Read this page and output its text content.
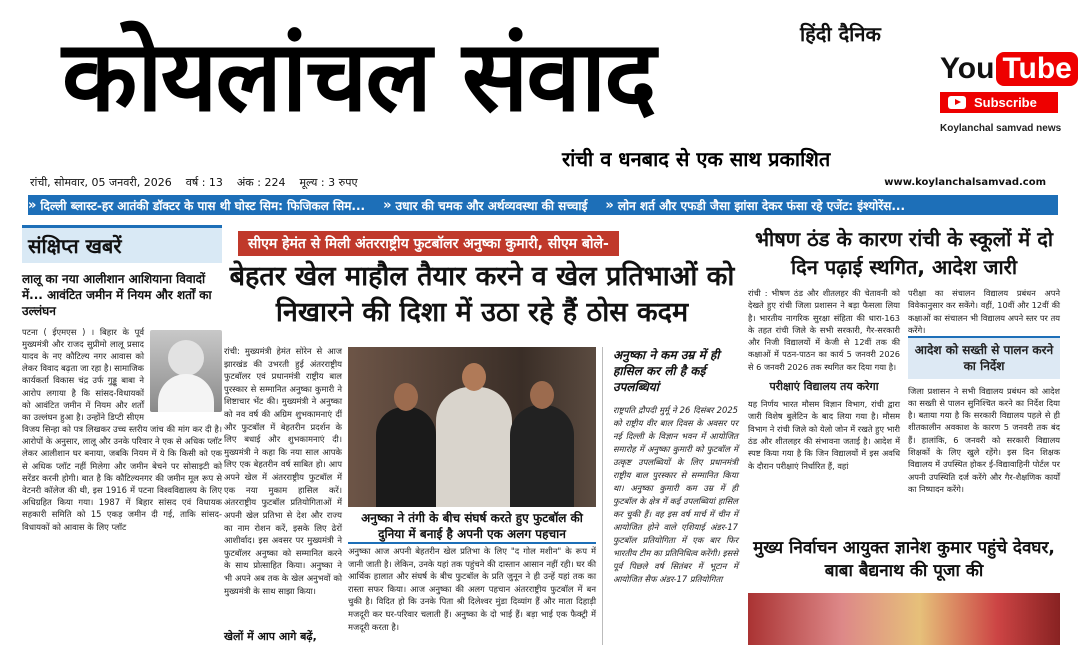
हिंदी दैनिक
कोयलांचल संवाद
रांची व धनबाद से एक साथ प्रकाशित
You Tube
Subscribe
Koylanchal samvad news
रांची, सोमवार, 05 जनवरी, 2026 वर्ष : 13 अंक : 224 मूल्य : 3 रुपए	www.koylanchalsamvad.com
» दिल्ली ब्लास्ट-हर आतंकी डॉक्टर के पास थी घोस्ट सिम: फिजिकल सिम... » उधार की चमक और अर्थव्यवस्था की सच्चाई » लोन शर्त और एफडी जैसा झांसा देकर फंसा रहे एजेंट: इंश्योरेंस...
संक्षिप्त खबरें
लालू का नया आलीशान आशियाना विवादों में... आवंटित जमीन में नियम और शर्तों का उल्लंघन
पटना ( ईएमएस ) । बिहार के पूर्व मुख्यमंत्री और राजद सुप्रीमो लालू प्रसाद यादव के नए कौटिल्य नगर आवास को लेकर विवाद बढ़ता जा रहा है। सामाजिक कार्यकर्ता विकास चंद्र उर्फ गुड्डू बाबा ने आरोप लगाया है कि सांसद-विधायकों को आवंटित जमीन में नियम और शर्तों का उल्लंघन हुआ है। उन्होंने डिप्टी सीएम विजय सिन्हा को पत्र लिखकर उच्च स्तरीय जांच की मांग कर दी है। आरोपों के अनुसार, लालू और उनके परिवार ने एक से अधिक प्लॉट लेकर आलीशान घर बनाया, जबकि नियम में ये कि किसी को एक से अधिक प्लॉट नहीं मिलेगा और जमीन बेचने पर सोसाइटी को सरेंडर करनी होगी। बात है कि कौटिल्यनगर की जमीन मूल रूप से वेटनरी कॉलेज की थी, इस 1916 में पटना विश्वविद्यालय के लिए अधिग्रहित किया गया। 1987 में बिहार सांसद एवं विधायक सहकारी समिति को 15 एकड़ जमीन दी गई, ताकि सांसद-विधायकों को आवास के लिए प्लॉट
सीएम हेमंत से मिली अंतरराष्ट्रीय फुटबॉलर अनुष्का कुमारी, सीएम बोले-
बेहतर खेल माहौल तैयार करने व खेल प्रतिभाओं को निखारने की दिशा में उठा रहे हैं ठोस कदम
रांची: मुख्यमंत्री हेमंत सोरेन से आज झारखंड की उभरती हुई अंतरराष्ट्रीय फुटबॉलर एवं प्रधानमंत्री राष्ट्रीय बाल पुरस्कार से सम्मानित अनुष्का कुमारी ने शिष्टाचार भेंट की। मुख्यमंत्री ने अनुष्का को नव वर्ष की अग्रिम शुभकामनाएं दीं और फुटबॉल में बेहतरीन प्रदर्शन के लिए बधाई और शुभकामनाएं दी। मुख्यमंत्री ने कहा कि नया साल आपके लिए एक बेहतरीन वर्ष साबित हो। आप अपने खेल में अंतरराष्ट्रीय फुटबॉल में एक नया मुकाम हासिल करें। अंतरराष्ट्रीय फुटबॉल प्रतियोगिताओं में अपनी खेल प्रतिभा से देश और राज्य का नाम रोशन करें, इसके लिए ढेरों आशीर्वाद। इस अवसर पर मुख्यमंत्री ने फुटबॉलर अनुष्का को सम्मानित करने के साथ प्रोत्साहित किया। अनुष्का ने भी अपने अब तक के खेल अनुभवों को मुख्यमंत्री के साथ साझा किया।
खेलों में आप आगे बढ़ें,
अनुष्का ने तंगी के बीच संघर्ष करते हुए फुटबॉल की दुनिया में बनाई है अपनी एक अलग पहचान
अनुष्का आज अपनी बेहतरीन खेल प्रतिभा के लिए "द गोल मशीन" के रूप में जानी जाती है। लेकिन, उनके यहां तक पहुंचने की दास्तान आसान नहीं रही। घर की आर्थिक हालात और संघर्ष के बीच फुटबॉल के प्रति जुनून ने ही उन्हें यहां तक का रास्ता सफर किया। आज अनुष्का की अलग पहचान अंतरराष्ट्रीय फुटबॉल में बन चुकी है। विदित हो कि उनके पिता श्री दिलेश्वर मुंडा दिव्यांग हैं और माता दिहाड़ी मजदूरी कर घर-परिवार चलाती हैं। अनुष्का के दो भाई हैं। बड़ा भाई एक फैक्ट्री में मजदूरी करता है।
अनुष्का ने कम उम्र में ही हासिल कर ली है कई उपलब्धियां
राष्ट्रपति द्रौपदी मुर्मू ने 26 दिसंबर 2025 को राष्ट्रीय वीर बाल दिवस के अवसर पर नई दिल्ली के विज्ञान भवन में आयोजित समारोह में अनुष्का कुमारी को फुटबॉल में उत्कृष्ट उपलब्धियों के लिए प्रधानमंत्री राष्ट्रीय बाल पुरस्कार से सम्मानित किया था। अनुष्का कुमारी कम उम्र में ही फुटबॉल के क्षेत्र में कई उपलब्धियां हासिल कर चुकी हैं। वह इस वर्ष मार्च में चीन में आयोजित होने वाले एशियाई अंडर-17 फुटबॉल प्रतियोगिता में एक बार फिर भारतीय टीम का प्रतिनिधित्व करेंगी। इससे पूर्व पिछले वर्ष सितंबर में भूटान में आयोजित सैफ अंडर-17 प्रतियोगिता
भीषण ठंड के कारण रांची के स्कूलों में दो दिन पढ़ाई स्थगित, आदेश जारी
रांची : भीषण ठंड और शीतलहर की चेतावनी को देखते हुए रांची जिला प्रशासन ने बड़ा फैसला लिया है। भारतीय नागरिक सुरक्षा संहिता की धारा-163 के तहत रांची जिले के सभी सरकारी, गैर-सरकारी और निजी विद्यालयों में केजी से 12वीं तक की कक्षाओं में पठन-पाठन का कार्य 5 जनवरी 2026 से 6 जनवरी 2026 तक स्थगित कर दिया गया है।
परीक्षाएं विद्यालय तय करेगा
यह निर्णय भारत मौसम विज्ञान विभाग, रांची द्वारा जारी विशेष बुलेटिन के बाद लिया गया है। मौसम विभाग ने रांची जिले को येलो जोन में रखते हुए भारी ठंड और शीतलहर की संभावना जताई है। आदेश में स्पष्ट किया गया है कि जिन विद्यालयों में इस अवधि के दौरान परीक्षाएं निर्धारित हैं, वहां
परीक्षा का संचालन विद्यालय प्रबंधन अपने विवेकानुसार कर सकेंगे। वहीं, 10वीं और 12वीं की कक्षाओं का संचालन भी विद्यालय अपने स्तर पर तय करेंगे।
आदेश को सख्ती से पालन करने का निर्देश
जिला प्रशासन ने सभी विद्यालय प्रबंधन को आदेश का सख्ती से पालन सुनिश्चित करने का निर्देश दिया है। बताया गया है कि सरकारी विद्यालय पहले से ही शीतकालीन अवकाश के कारण 5 जनवरी तक बंद हैं। हालांकि, 6 जनवरी को सरकारी विद्यालय शिक्षकों के लिए खुले रहेंगे। इस दिन शिक्षक विद्यालय में उपस्थित होकर ई-विद्यावाहिनी पोर्टल पर अपनी उपस्थिति दर्ज करेंगे और गैर-शैक्षणिक कार्यों का निष्पादन करेंगे।
मुख्य निर्वाचन आयुक्त ज्ञानेश कुमार पहुंचे देवघर, बाबा बैद्यनाथ की पूजा की
